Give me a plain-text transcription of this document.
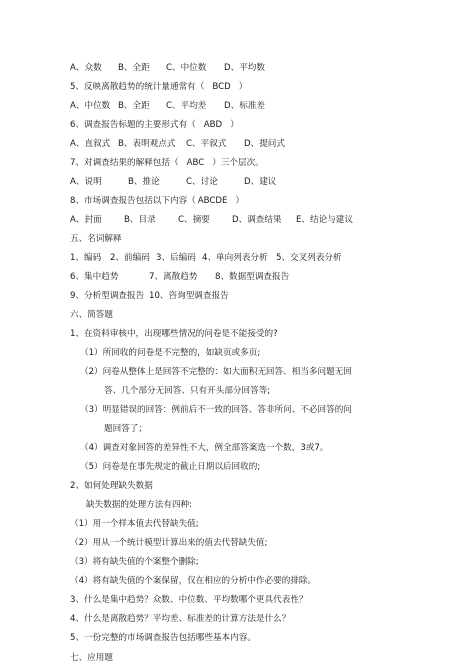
A、众数 B、全距 C、中位数 D、平均数
5、反映离散趋势的统计量通常有（ BCD ）
A、中位数 B、全距 C、平均差 D、标准差
6、调查报告标题的主要形式有（ ABD ）
A、直叙式 B、表明观点式 C、平叙式 D、提问式
7、对调查结果的解释包括（ ABC ）三个层次。
A、说明	B、推论	C、讨论	D、建议
8、市场调查报告包括以下内容（ ABCDE ）
A、封面	B、目录	C、摘要	D、调查结果 E、结论与建议
五、名词解释
1、编码 2、前编码 3、后编码 4、单向列表分析 5、交叉列表分析
6、集中趋势	7、离散趋势 8、数据型调查报告
9、分析型调查报告 10、咨询型调查报告
六、简答题
1、在资料审核中，出现哪些情况的问卷是不能接受的?
（1）所回收的问卷是不完整的，如缺页或多页;
（2）问卷从整体上是回答不完整的：如大面积无回答、相当多问题无回
答、几个部分无回答、只有开头部分回答等;
（3）明显错误的回答：例前后不一致的回答、答非所问、不必回答的问
题回答了；
（4）调查对象回答的差异性不大，例全部答案选一个数，3或7。
（5）问卷是在事先规定的截止日期以后回收的;
2、如何处理缺失数据
缺失数据的处理方法有四种:
（1）用一个样本值去代替缺失值;
（2）用从一个统计模型计算出来的值去代替缺失值;
（3）将有缺失值的个案整个删除;
（4）将有缺失值的个案保留，仅在相应的分析中作必要的排除。
3、什么是集中趋势？众数、中位数、平均数哪个更具代表性？
4、什么是离散趋势？平均差、标准差的计算方法是什么？
5、一份完整的市场调查报告包括哪些基本内容。
七、应用题
